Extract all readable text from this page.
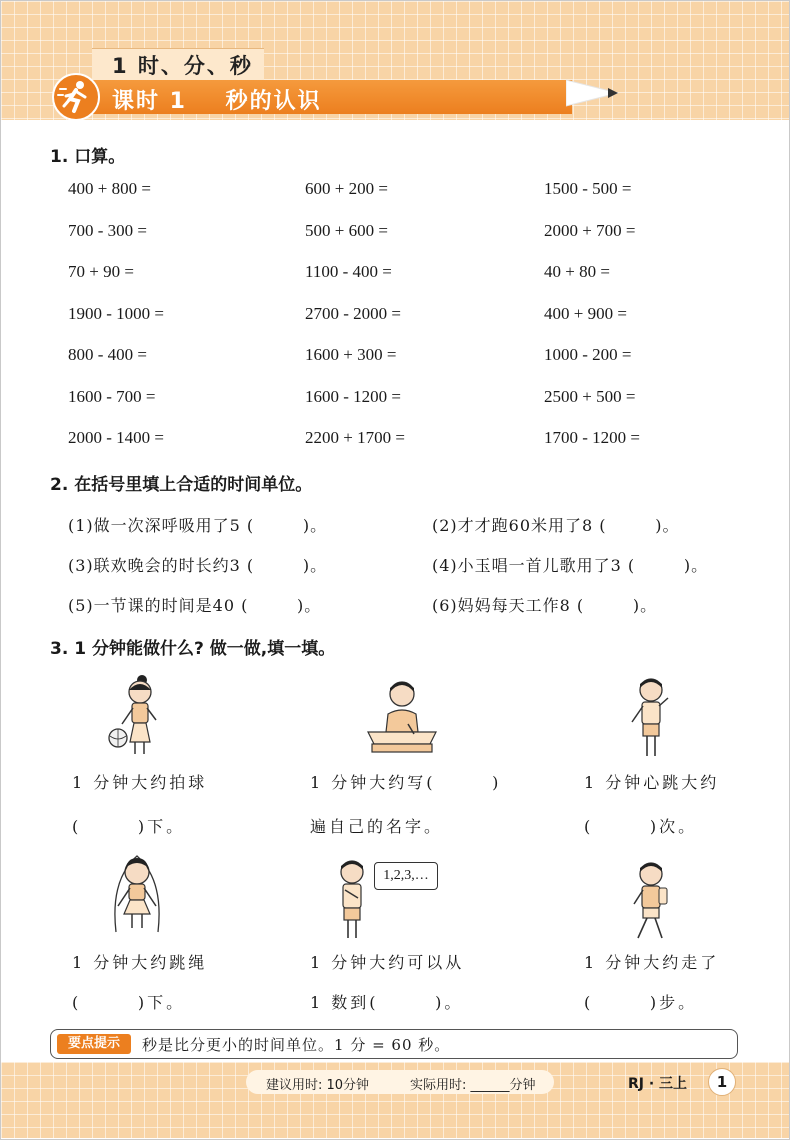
1 时、分、秒
课时 1    秒的认识
1. 口算。
400 + 800 =	600 + 200 =	1500 - 500 =
700 - 300 =	500 + 600 =	2000 + 700 =
70 + 90 =	1100 - 400 =	40 + 80 =
1900 - 1000 =	2700 - 2000 =	400 + 900 =
800 - 400 =	1600 + 300 =	1000 - 200 =
1600 - 700 =	1600 - 1200 =	2500 + 500 =
2000 - 1400 =	2200 + 1700 =	1700 - 1200 =
2. 在括号里填上合适的时间单位。
(1)做一次深呼吸用了5 (        )。	(2)才才跑60米用了8 (        )。
(3)联欢晚会的时长约3 (        )。	(4)小玉唱一首儿歌用了3 (        )。
(5)一节课的时间是40 (        )。	(6)妈妈每天工作8 (        )。
3. 1 分钟能做什么? 做一做,填一填。
1 分钟大约拍球
(       )下。
1 分钟大约写(       )
遍自己的名字。
1 分钟心跳大约
(       )次。
1,2,3,…
1 分钟大约跳绳
(       )下。
1 分钟大约可以从
1 数到(       )。
1 分钟大约走了
(       )步。
要点提示	秒是比分更小的时间单位。1 分 = 60 秒。
建议用时: 10分钟	实际用时: ______分钟	RJ · 三上	1
